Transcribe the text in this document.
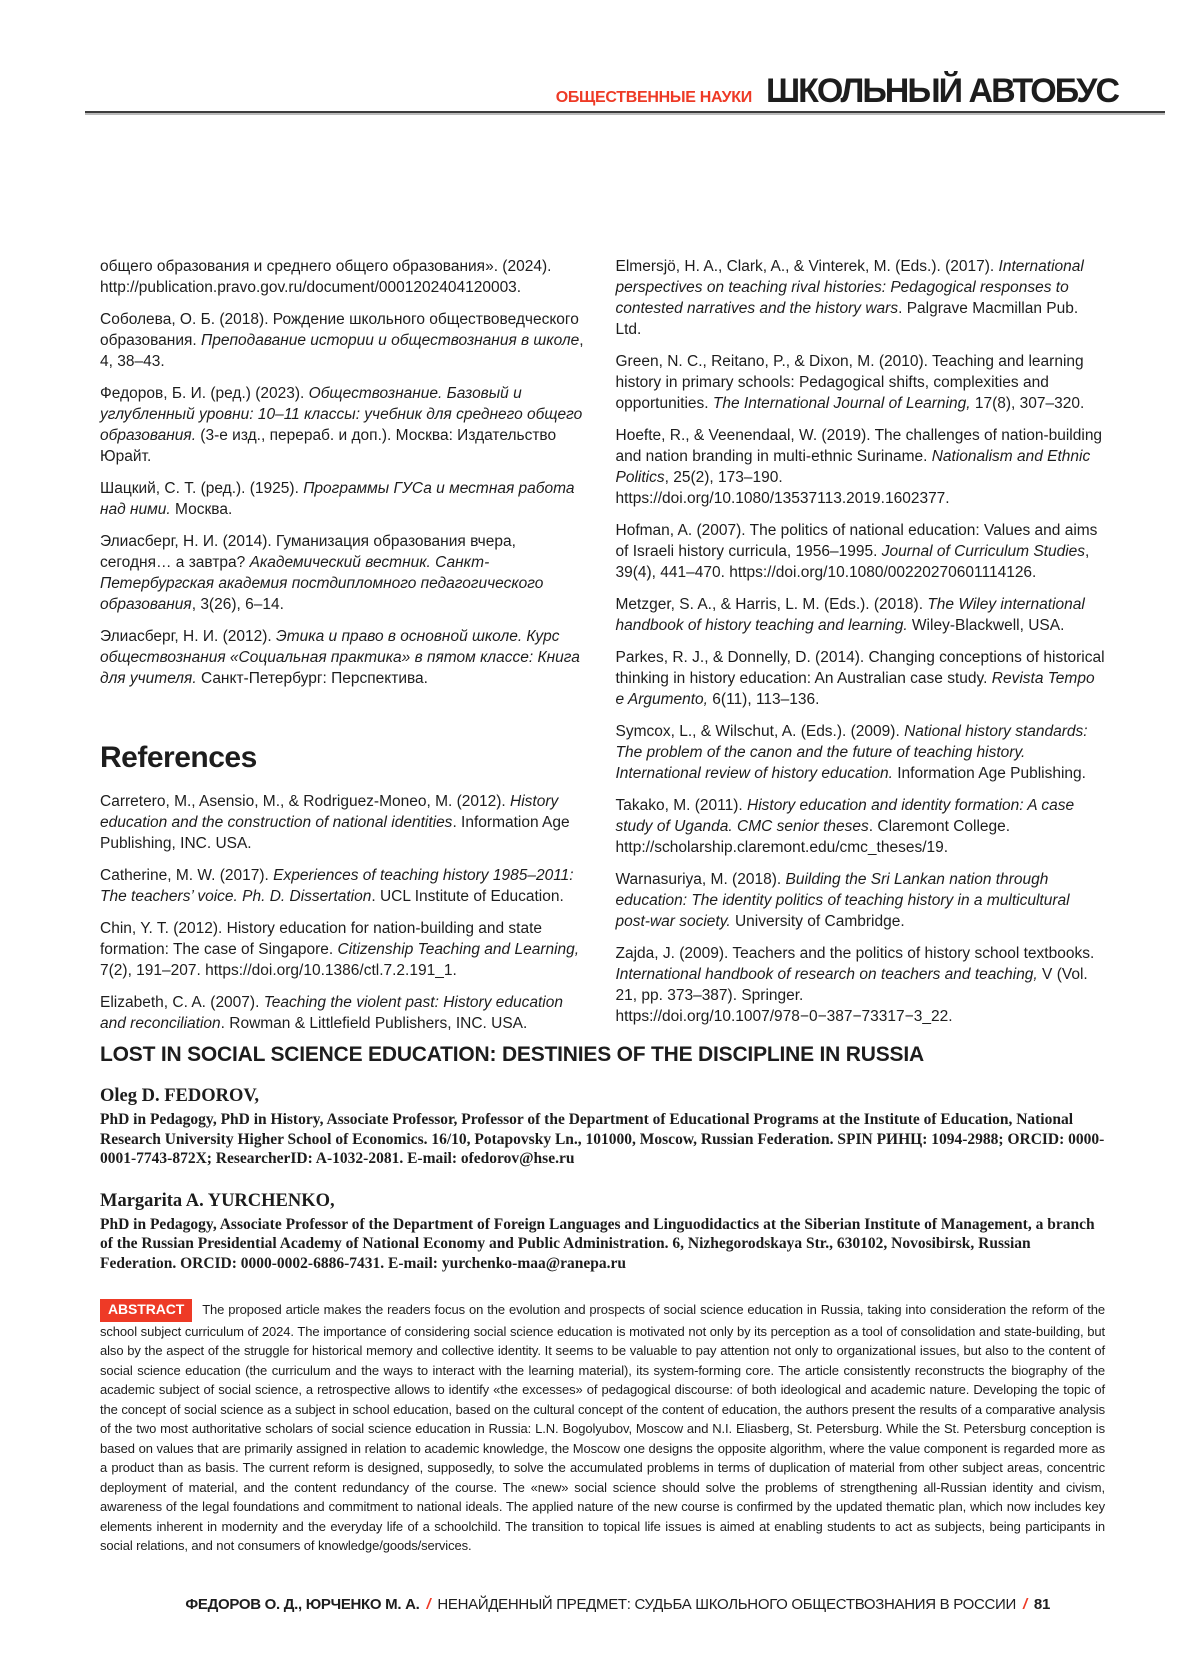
ОБЩЕСТВЕННЫЕ НАУКИ ШКОЛЬНЫЙ АВТОБУС

общего образования и среднего общего образования». (2024). http://publication.pravo.gov.ru/document/0001202404120003.

Соболева, О. Б. (2018). Рождение школьного обществоведческого образования. Преподавание истории и обществознания в школе, 4, 38–43.

Федоров, Б. И. (ред.) (2023). Обществознание. Базовый и углубленный уровни: 10–11 классы: учебник для среднего общего образования. (3-е изд., перераб. и доп.). Москва: Издательство Юрайт.

Шацкий, С. Т. (ред.). (1925). Программы ГУСа и местная работа над ними. Москва.

Элиасберг, Н. И. (2014). Гуманизация образования вчера, сегодня… а завтра? Академический вестник. Санкт-Петербургская академия постдипломного педагогического образования, 3(26), 6–14.

Элиасберг, Н. И. (2012). Этика и право в основной школе. Курс обществознания «Социальная практика» в пятом классе: Книга для учителя. Санкт-Петербург: Перспектива.

References

Carretero, M., Asensio, M., & Rodriguez-Moneo, M. (2012). History education and the construction of national identities. Information Age Publishing, INC. USA.

Catherine, M. W. (2017). Experiences of teaching history 1985–2011: The teachers’ voice. Ph. D. Dissertation. UCL Institute of Education.

Chin, Y. T. (2012). History education for nation-building and state formation: The case of Singapore. Citizenship Teaching and Learning, 7(2), 191–207. https://doi.org/10.1386/ctl.7.2.191_1.

Elizabeth, C. A. (2007). Teaching the violent past: History education and reconciliation. Rowman & Littlefield Publishers, INC. USA.

Elmersjö, H. A., Clark, A., & Vinterek, M. (Eds.). (2017). International perspectives on teaching rival histories: Pedagogical responses to contested narratives and the history wars. Palgrave Macmillan Pub. Ltd.

Green, N. C., Reitano, P., & Dixon, M. (2010). Teaching and learning history in primary schools: Pedagogical shifts, complexities and opportunities. The International Journal of Learning, 17(8), 307–320.

Hoefte, R., & Veenendaal, W. (2019). The challenges of nation-building and nation branding in multi-ethnic Suriname. Nationalism and Ethnic Politics, 25(2), 173–190. https://doi.org/10.1080/13537113.2019.1602377.

Hofman, A. (2007). The politics of national education: Values and aims of Israeli history curricula, 1956–1995. Journal of Curriculum Studies, 39(4), 441–470. https://doi.org/10.1080/00220270601114126.

Metzger, S. A., & Harris, L. M. (Eds.). (2018). The Wiley international handbook of history teaching and learning. Wiley-Blackwell, USA.

Parkes, R. J., & Donnelly, D. (2014). Changing conceptions of historical thinking in history education: An Australian case study. Revista Tempo e Argumento, 6(11), 113–136.

Symcox, L., & Wilschut, A. (Eds.). (2009). National history standards: The problem of the canon and the future of teaching history. International review of history education. Information Age Publishing.

Takako, M. (2011). History education and identity formation: A case study of Uganda. CMC senior theses. Claremont College. http://scholarship.claremont.edu/cmc_theses/19.

Warnasuriya, M. (2018). Building the Sri Lankan nation through education: The identity politics of teaching history in a multicultural post-war society. University of Cambridge.

Zajda, J. (2009). Teachers and the politics of history school textbooks. International handbook of research on teachers and teaching, V (Vol. 21, pp. 373–387). Springer. https://doi.org/10.1007/978−0−387−73317−3_22.

LOST IN SOCIAL SCIENCE EDUCATION: DESTINIES OF THE DISCIPLINE IN RUSSIA
Oleg D. FEDOROV,
PhD in Pedagogy, PhD in History, Associate Professor, Professor of the Department of Educational Programs at the Institute of Education, National Research University Higher School of Economics. 16/10, Potapovsky Ln., 101000, Moscow, Russian Federation. SPIN РИНЦ: 1094-2988; ORCID: 0000-0001-7743-872X; ResearcherID: A-1032-2081. E-mail: ofedorov@hse.ru
Margarita A. YURCHENKO,
PhD in Pedagogy, Associate Professor of the Department of Foreign Languages and Linguodidactics at the Siberian Institute of Management, a branch of the Russian Presidential Academy of National Economy and Public Administration. 6, Nizhegorodskaya Str., 630102, Novosibirsk, Russian Federation. ORCID: 0000-0002-6886-7431. E-mail: yurchenko-maa@ranepa.ru
ABSTRACT The proposed article makes the readers focus on the evolution and prospects of social science education in Russia, taking into consideration the reform of the school subject curriculum of 2024. The importance of considering social science education is motivated not only by its perception as a tool of consolidation and state-building, but also by the aspect of the struggle for historical memory and collective identity. It seems to be valuable to pay attention not only to organizational issues, but also to the content of social science education (the curriculum and the ways to interact with the learning material), its system-forming core. The article consistently reconstructs the biography of the academic subject of social science, a retrospective allows to identify «the excesses» of pedagogical discourse: of both ideological and academic nature. Developing the topic of the concept of social science as a subject in school education, based on the cultural concept of the content of education, the authors present the results of a comparative analysis of the two most authoritative scholars of social science education in Russia: L.N. Bogolyubov, Moscow and N.I. Eliasberg, St. Petersburg. While the St. Petersburg conception is based on values that are primarily assigned in relation to academic knowledge, the Moscow one designs the opposite algorithm, where the value component is regarded more as a product than as basis. The current reform is designed, supposedly, to solve the accumulated problems in terms of duplication of material from other subject areas, concentric deployment of material, and the content redundancy of the course. The «new» social science should solve the problems of strengthening all-Russian identity and civism, awareness of the legal foundations and commitment to national ideals. The applied nature of the new course is confirmed by the updated thematic plan, which now includes key elements inherent in modernity and the everyday life of a schoolchild. The transition to topical life issues is aimed at enabling students to act as subjects, being participants in social relations, and not consumers of knowledge/goods/services.
ФЕДОРОВ О. Д., ЮРЧЕНКО М. А. / НЕНАЙДЕННЫЙ ПРЕДМЕТ: СУДЬБА ШКОЛЬНОГО ОБЩЕСТВОЗНАНИЯ В РОССИИ / 81
